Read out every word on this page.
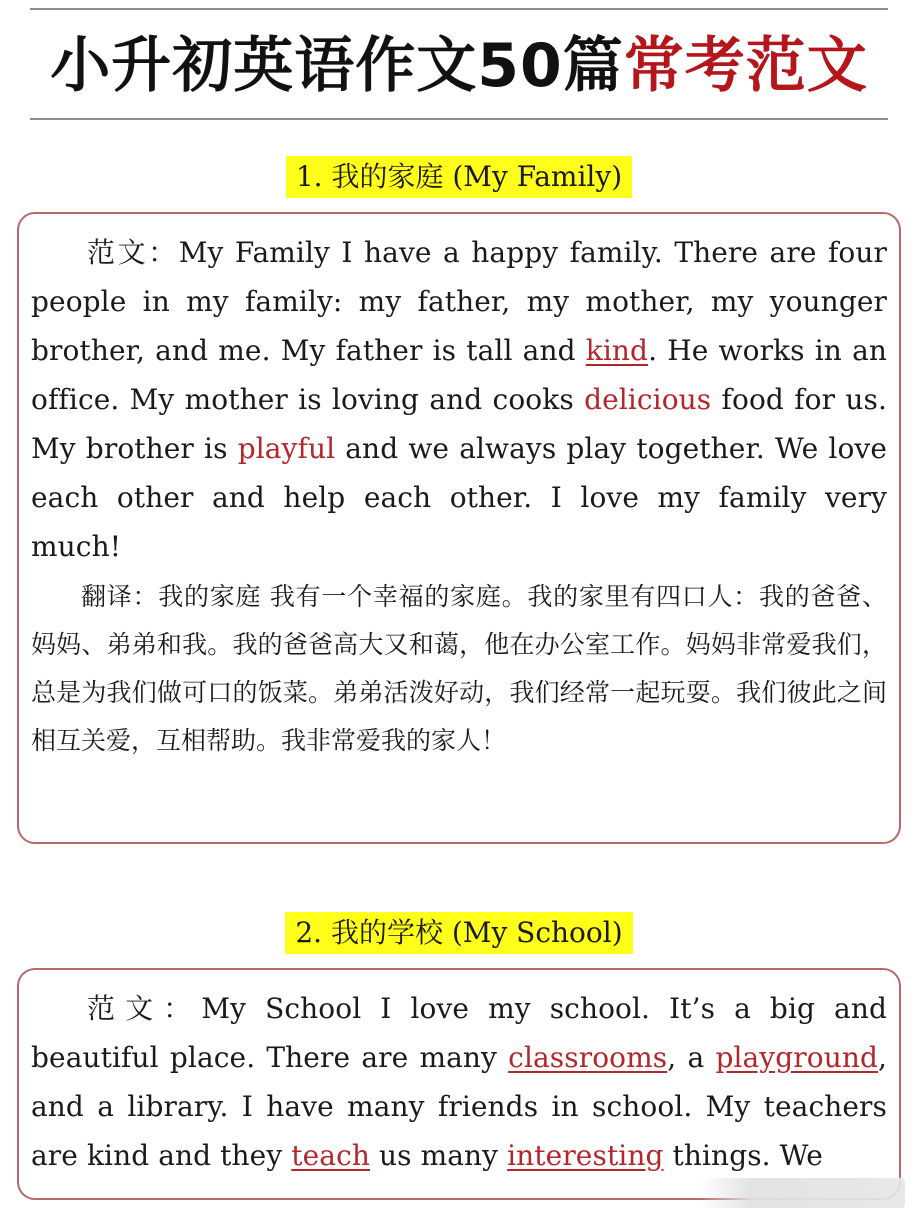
小升初英语作文50篇常考范文
1. 我的家庭 (My Family)

范文：My Family I have a happy family. There are four people in my family: my father, my mother, my younger brother, and me. My father is tall and kind. He works in an office. My mother is loving and cooks delicious food for us. My brother is playful and we always play together. We love each other and help each other. I love my family very much!

翻译：我的家庭 我有一个幸福的家庭。我的家里有四口人：我的爸爸、妈妈、弟弟和我。我的爸爸高大又和蔼，他在办公室工作。妈妈非常爱我们，总是为我们做可口的饭菜。弟弟活泼好动，我们经常一起玩耍。我们彼此之间相互关爱，互相帮助。我非常爱我的家人！

2. 我的学校 (My School)

范文：My School I love my school. It’s a big and beautiful place. There are many classrooms, a playground, and a library. I have many friends in school. My teachers are kind and they teach us many interesting things. We
